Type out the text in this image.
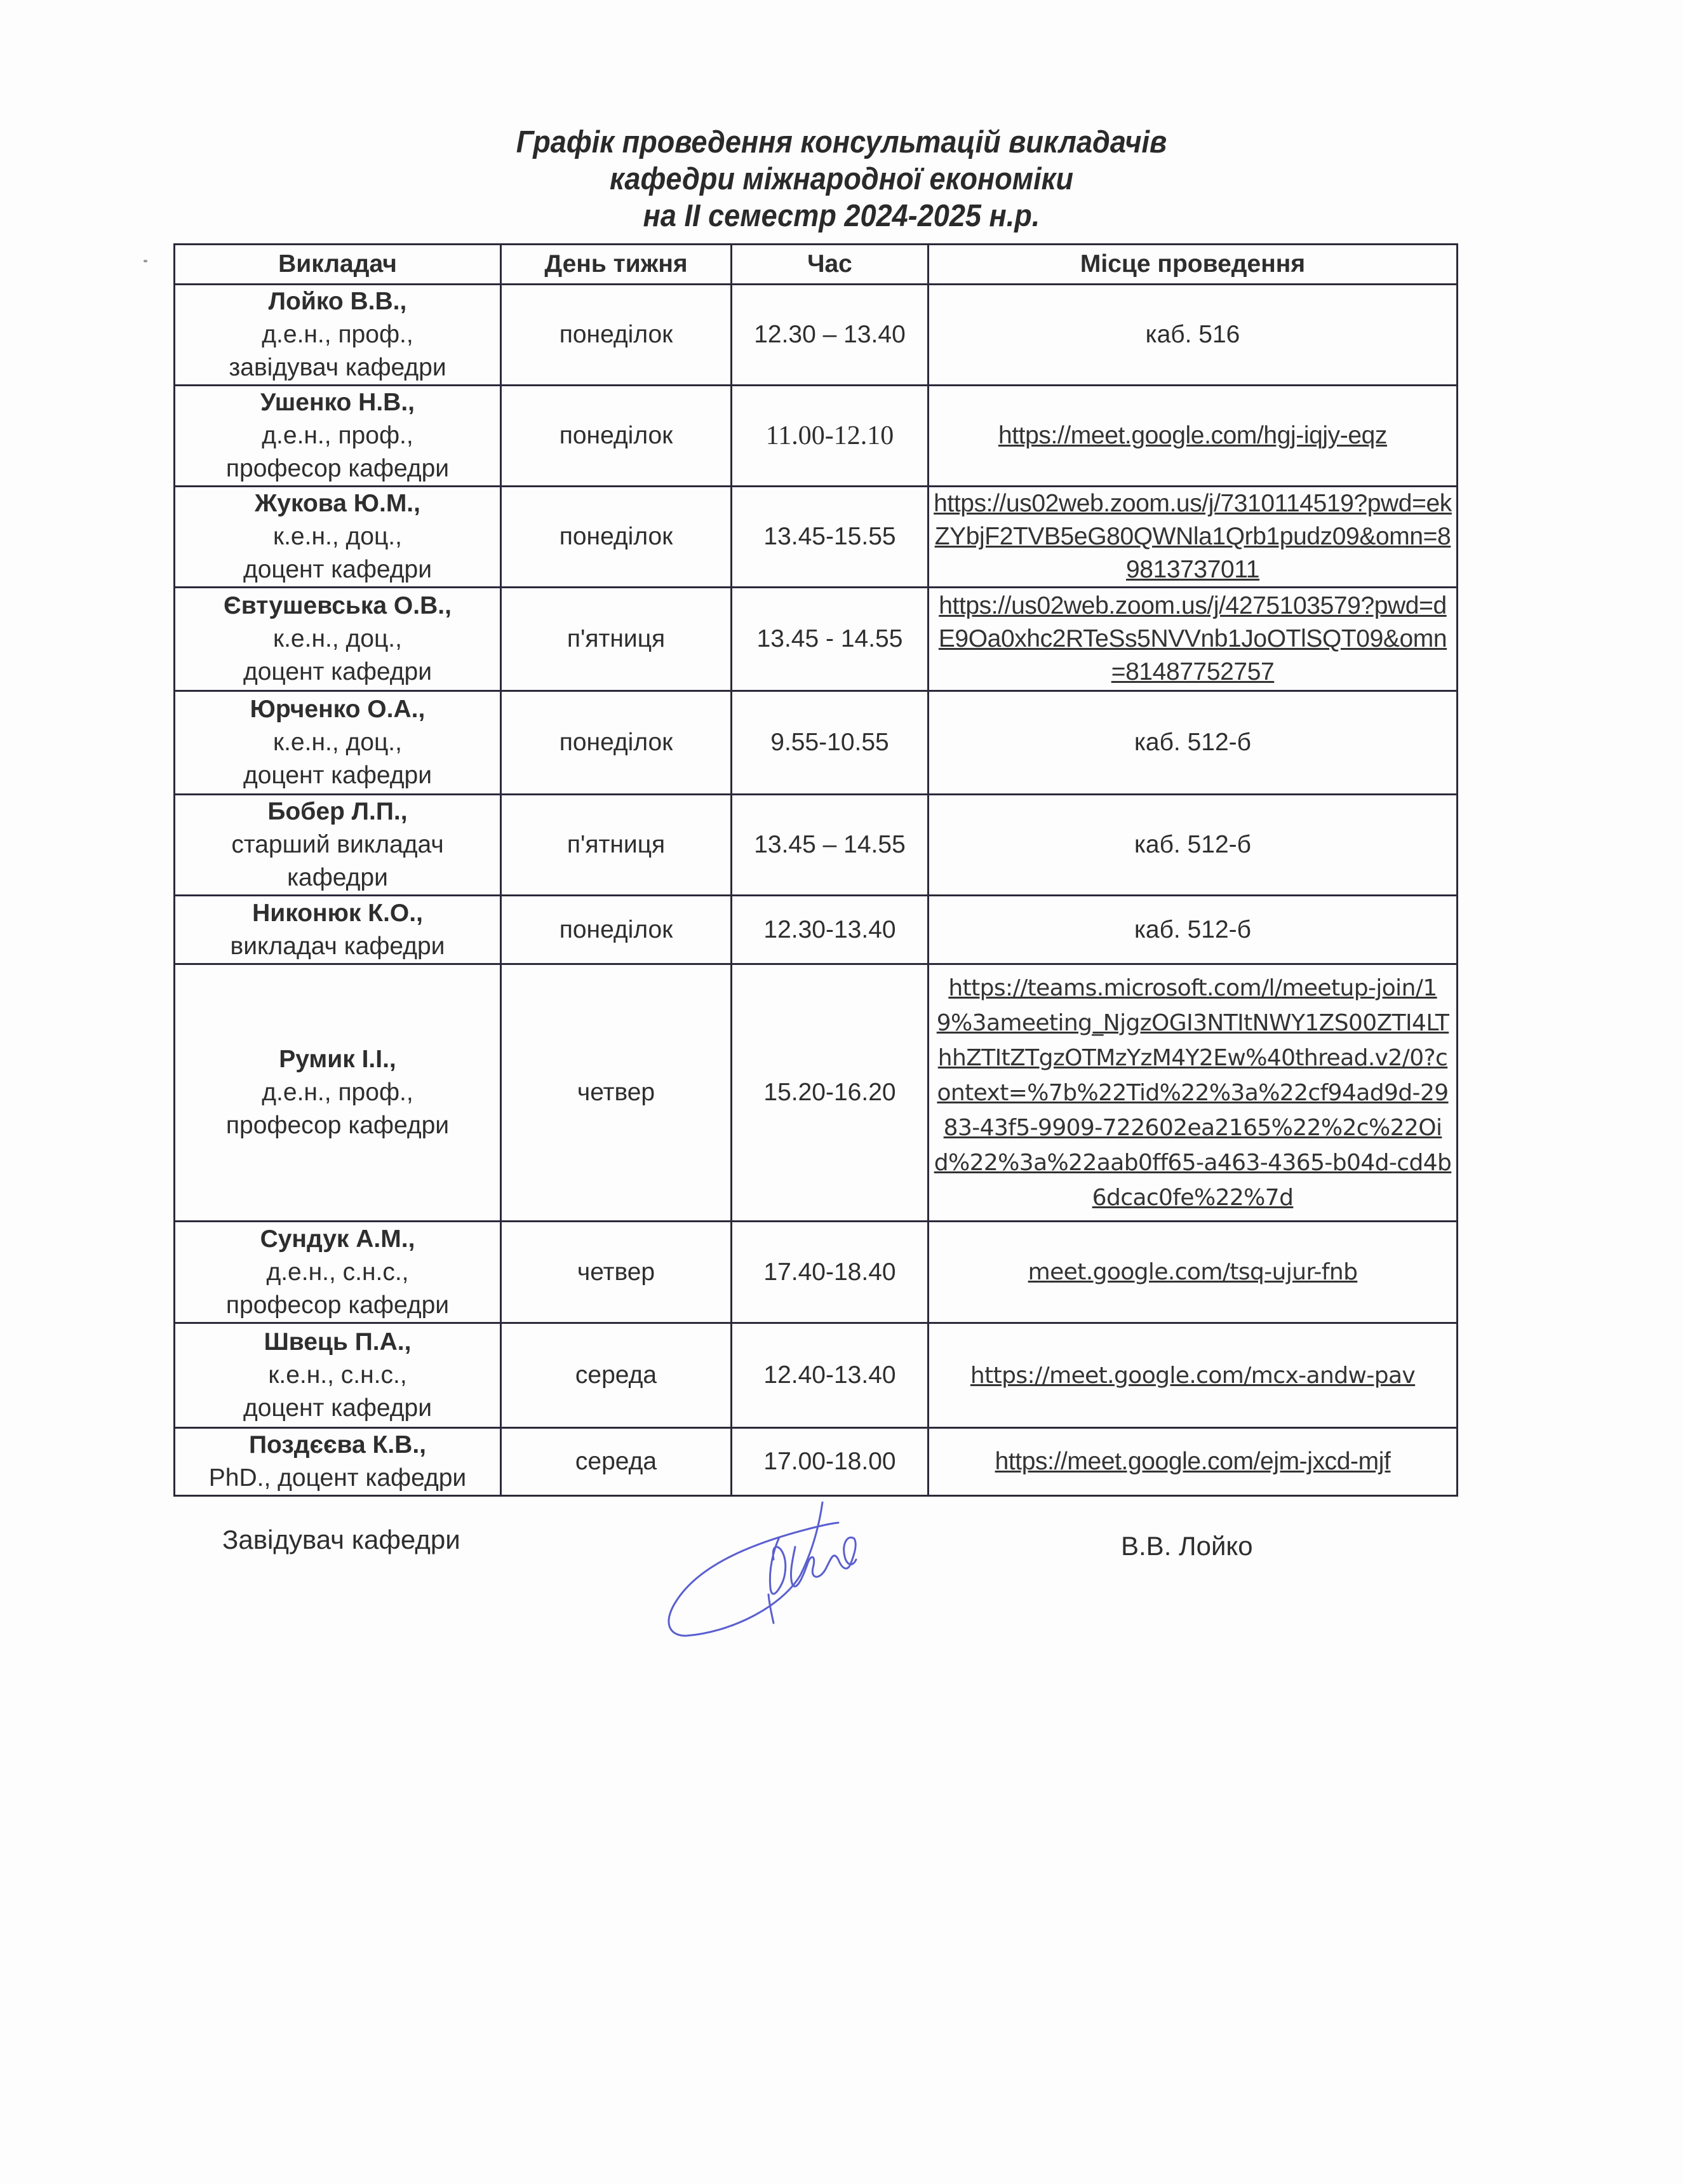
Графік проведення консультацій викладачів
кафедри міжнародної економіки
на ІІ семестр 2024-2025 н.р.
Викладач	День тижня	Час	Місце проведення

Лойко В.В.,
д.е.н., проф.,
завідувач кафедри	понеділок	12.30 – 13.40	каб. 516

Ушенко Н.В.,
д.е.н., проф.,
професор кафедри	понеділок	11.00-12.10	https://meet.google.com/hgj-iqjy-eqz

Жукова Ю.М.,
к.е.н., доц.,
доцент кафедри	понеділок	13.45-15.55	https://us02web.zoom.us/j/7310114519?pwd=ekZYbjF2TVB5eG80QWNla1Qrb1pudz09&omn=89813737011

Євтушевська О.В.,
к.е.н., доц.,
доцент кафедри	п'ятниця	13.45 - 14.55	https://us02web.zoom.us/j/4275103579?pwd=dE9Oa0xhc2RTeSs5NVVnb1JoOTlSQT09&omn=81487752757

Юрченко О.А.,
к.е.н., доц.,
доцент кафедри	понеділок	9.55-10.55	каб. 512-б

Бобер Л.П.,
старший викладач
кафедри	п'ятниця	13.45 – 14.55	каб. 512-б

Никонюк К.О.,
викладач кафедри	понеділок	12.30-13.40	каб. 512-б

Румик І.І.,
д.е.н., проф.,
професор кафедри
	четвер	15.20-16.20	https://teams.microsoft.com/l/meetup-join/19%3ameeting_NjgzOGI3NTItNWY1ZS00ZTI4LThhZTItZTgzOTMzYzM4Y2Ew%40thread.v2/0?context=%7b%22Tid%22%3a%22cf94ad9d-2983-43f5-9909-722602ea2165%22%2c%22Oid%22%3a%22aab0ff65-a463-4365-b04d-cd4b6dcac0fe%22%7d

Сундук А.М.,
д.е.н., с.н.с.,
професор кафедри	четвер	17.40-18.40	meet.google.com/tsq-ujur-fnb

Швець П.А.,
к.е.н., с.н.с.,
доцент кафедри	середа	12.40-13.40	https://meet.google.com/mcx-andw-pav

Поздєєва К.В.,
PhD., доцент кафедри	середа	17.00-18.00	https://meet.google.com/ejm-jxcd-mjf
Завідувач кафедри	В.В. Лойко
